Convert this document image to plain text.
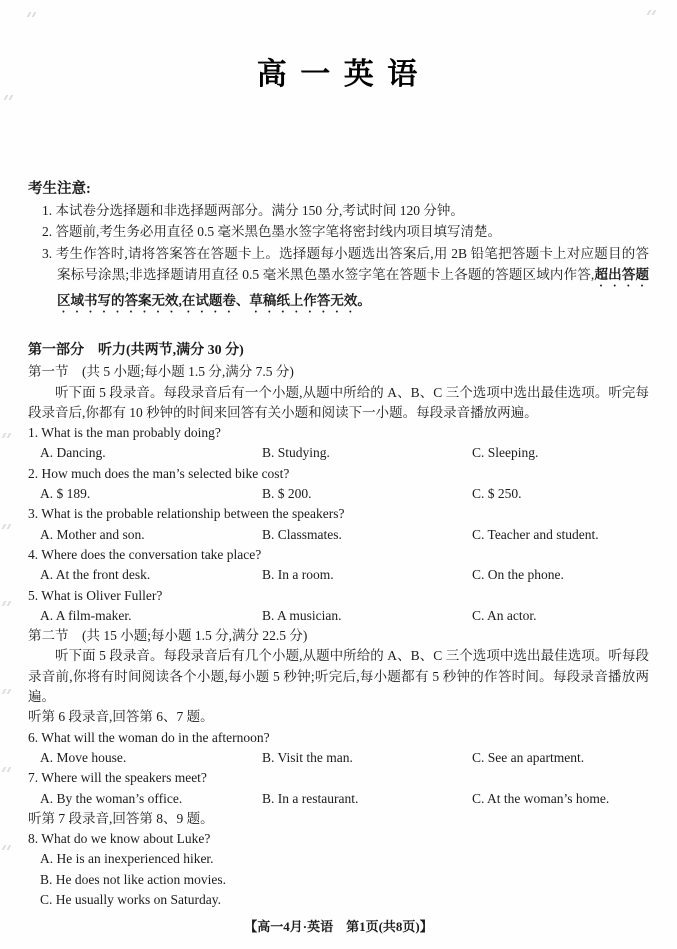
高 一 英 语
考生注意:

1. 本试卷分选择题和非选择题两部分。满分 150 分,考试时间 120 分钟。

2. 答题前,考生务必用直径 0.5 毫米黑色墨水签字笔将密封线内项目填写清楚。

3. 考生作答时,请将答案答在答题卡上。选择题每小题选出答案后,用 2B 铅笔把答题卡上对应题目的答案标号涂黑;非选择题请用直径 0.5 毫米黑色墨水签字笔在答题卡上各题的答题区域内作答,超出答题区域书写的答案无效,在试题卷、草稿纸上作答无效。

第一部分　听力(共两节,满分 30 分)
第一节　(共 5 小题;每小题 1.5 分,满分 7.5 分)

听下面 5 段录音。每段录音后有一个小题,从题中所给的 A、B、C 三个选项中选出最佳选项。听完每段录音后,你都有 10 秒钟的时间来回答有关小题和阅读下一小题。每段录音播放两遍。

1. What is the man probably doing?
A. Dancing.	B. Studying.	C. Sleeping.
2. How much does the man’s selected bike cost?
A. $ 189.	B. $ 200.	C. $ 250.
3. What is the probable relationship between the speakers?
A. Mother and son.	B. Classmates.	C. Teacher and student.
4. Where does the conversation take place?
A. At the front desk.	B. In a room.	C. On the phone.
5. What is Oliver Fuller?
A. A film-maker.	B. A musician.	C. An actor.
第二节　(共 15 小题;每小题 1.5 分,满分 22.5 分)

听下面 5 段录音。每段录音后有几个小题,从题中所给的 A、B、C 三个选项中选出最佳选项。听每段录音前,你将有时间阅读各个小题,每小题 5 秒钟;听完后,每小题都有 5 秒钟的作答时间。每段录音播放两遍。

听第 6 段录音,回答第 6、7 题。

6. What will the woman do in the afternoon?
A. Move house.	B. Visit the man.	C. See an apartment.
7. Where will the speakers meet?
A. By the woman’s office.	B. In a restaurant.	C. At the woman’s home.

听第 7 段录音,回答第 8、9 题。

8. What do we know about Luke?
A. He is an inexperienced hiker.
B. He does not like action movies.
C. He usually works on Saturday.
【高一4月·英语　第1页(共8页)】
